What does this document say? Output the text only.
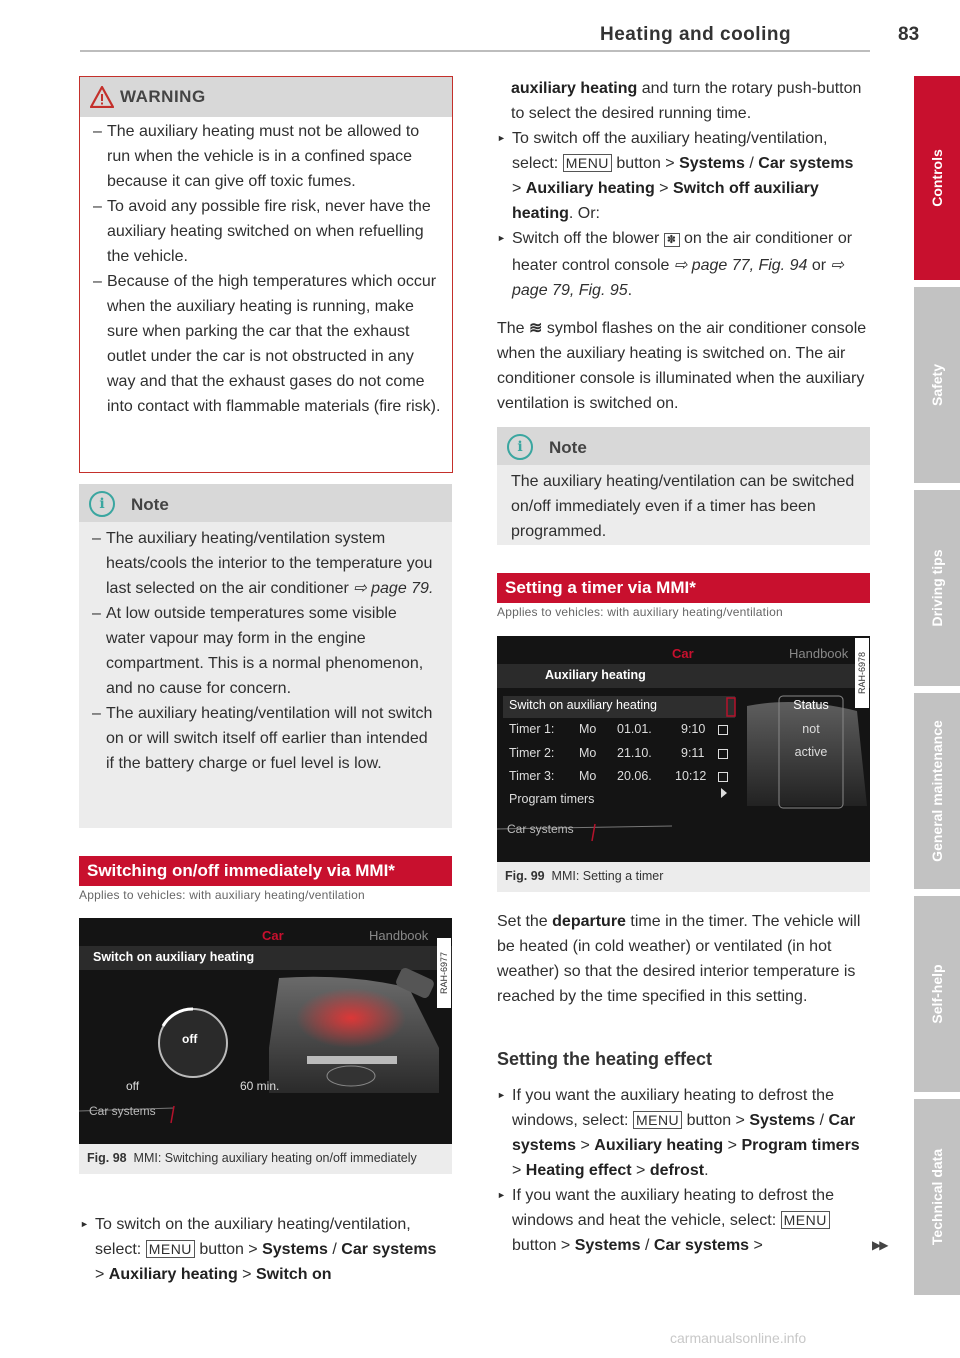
Heating and cooling	83
WARNING
– The auxiliary heating must not be allowed to run when the vehicle is in a confined space because it can give off toxic fumes.
– To avoid any possible fire risk, never have the auxiliary heating switched on when refuelling the vehicle.
– Because of the high temperatures which occur when the auxiliary heating is running, make sure when parking the car that the exhaust outlet under the car is not obstructed in any way and that the exhaust gases do not come into contact with flammable materials (fire risk).
i	Note
– The auxiliary heating/ventilation system heats/cools the interior to the temperature you last selected on the air conditioner ⇨ page 79.
– At low outside temperatures some visible water vapour may form in the engine compartment. This is a normal phenomenon, and no cause for concern.
– The auxiliary heating/ventilation will not switch on or will switch itself off earlier than intended if the battery charge or fuel level is low.
Switching on/off immediately via MMI*
Applies to vehicles: with auxiliary heating/ventilation
Car	Handbook
Switch on auxiliary heating
off
off	60 min.
Car systems
RAH-6977
Fig. 98 MMI: Switching auxiliary heating on/off immediately
► To switch on the auxiliary heating/ventilation, select: MENU button > Systems / Car systems > Auxiliary heating > Switch on
auxiliary heating and turn the rotary push-button to select the desired running time.
► To switch off the auxiliary heating/ventilation, select: MENU button > Systems / Car systems > Auxiliary heating > Switch off auxiliary heating. Or:
► Switch off the blower ✽ on the air conditioner or heater control console ⇨ page 77, Fig. 94 or ⇨ page 79, Fig. 95.
The ≋ symbol flashes on the air conditioner console when the auxiliary heating is switched on. The air conditioner console is illuminated when the auxiliary ventilation is switched on.
i	Note
The auxiliary heating/ventilation can be switched on/off immediately even if a timer has been programmed.
Setting a timer via MMI*
Applies to vehicles: with auxiliary heating/ventilation
Car	Handbook
Auxiliary heating
Switch on auxiliary heating
Timer 1: Mo 01.01. 9:10
Timer 2: Mo 21.10. 9:11
Timer 3: Mo 20.06. 10:12
Program timers
Status
not
active
Car systems
RAH-6978
Fig. 99 MMI: Setting a timer
Set the departure time in the timer. The vehicle will be heated (in cold weather) or ventilated (in hot weather) so that the desired interior temperature is reached by the time specified in this setting.
Setting the heating effect
► If you want the auxiliary heating to defrost the windows, select: MENU button > Systems / Car systems > Auxiliary heating > Program timers > Heating effect > defrost.
► If you want the auxiliary heating to defrost the windows and heat the vehicle, select: MENU button > Systems / Car systems >	▶▶
Controls
Safety
Driving tips
General maintenance
Self-help
Technical data
carmanualsonline.info
